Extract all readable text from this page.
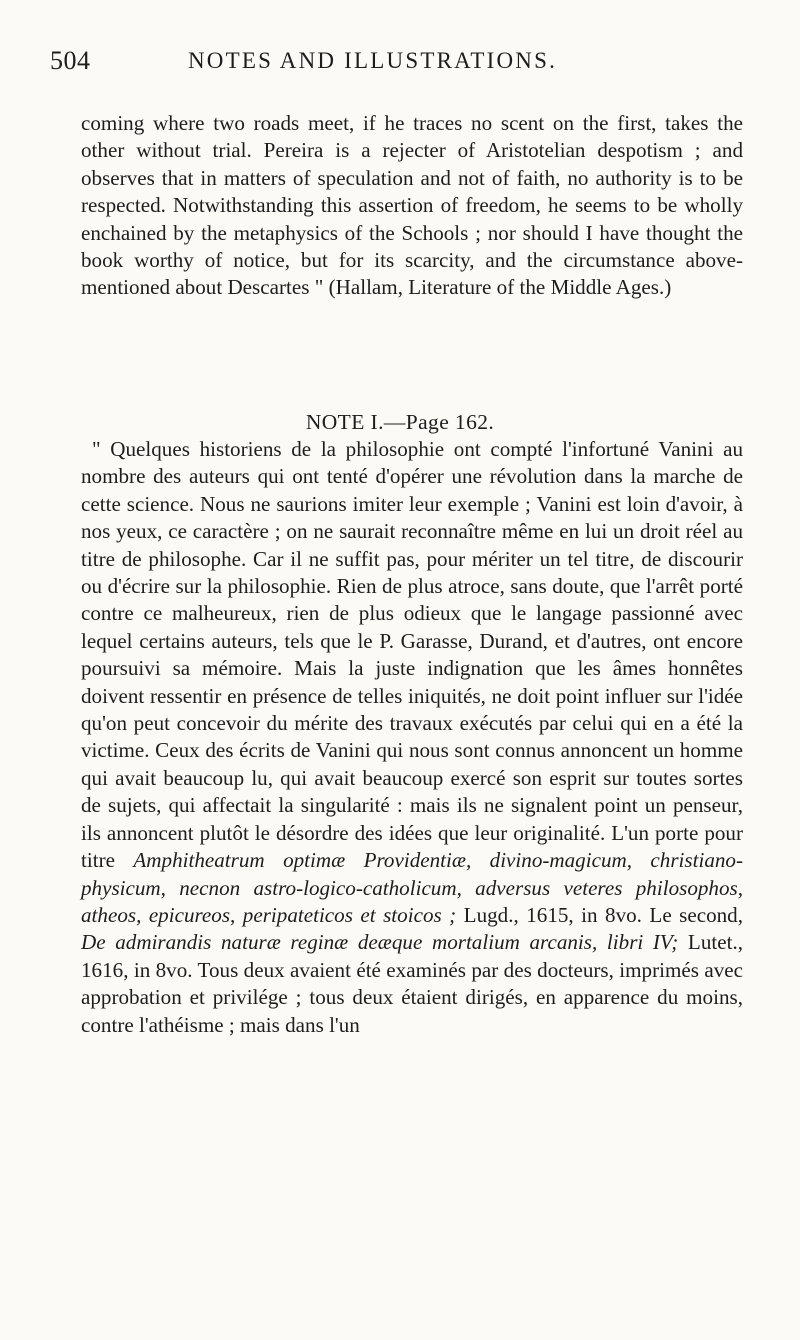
504	NOTES AND ILLUSTRATIONS.

coming where two roads meet, if he traces no scent on the first, takes the other without trial. Pereira is a rejecter of Aristotelian despotism ; and observes that in matters of speculation and not of faith, no authority is to be respected. Notwithstanding this assertion of freedom, he seems to be wholly enchained by the metaphysics of the Schools ; nor should I have thought the book worthy of notice, but for its scarcity, and the circumstance above-mentioned about Descartes " (Hallam, Literature of the Middle Ages.)

NOTE I.—Page 162.

" Quelques historiens de la philosophie ont compté l'infortuné Vanini au nombre des auteurs qui ont tenté d'opérer une révolution dans la marche de cette science. Nous ne saurions imiter leur exemple ; Vanini est loin d'avoir, à nos yeux, ce caractère ; on ne saurait reconnaître même en lui un droit réel au titre de philosophe. Car il ne suffit pas, pour mériter un tel titre, de discourir ou d'écrire sur la philosophie. Rien de plus atroce, sans doute, que l'arrêt porté contre ce malheureux, rien de plus odieux que le langage passionné avec lequel certains auteurs, tels que le P. Garasse, Durand, et d'autres, ont encore poursuivi sa mémoire. Mais la juste indignation que les âmes honnêtes doivent ressentir en présence de telles iniquités, ne doit point influer sur l'idée qu'on peut concevoir du mérite des travaux exécutés par celui qui en a été la victime. Ceux des écrits de Vanini qui nous sont connus annoncent un homme qui avait beaucoup lu, qui avait beaucoup exercé son esprit sur toutes sortes de sujets, qui affectait la singularité : mais ils ne signalent point un penseur, ils annoncent plutôt le désordre des idées que leur originalité. L'un porte pour titre Amphitheatrum optimæ Providentiæ, divino-magicum, christiano-physicum, necnon astro-logico-catholicum, adversus veteres philosophos, atheos, epicureos, peripateticos et stoicos ; Lugd., 1615, in 8vo. Le second, De admirandis naturæ reginæ deæque mortalium arcanis, libri IV; Lutet., 1616, in 8vo. Tous deux avaient été examinés par des docteurs, imprimés avec approbation et privilége ; tous deux étaient dirigés, en apparence du moins, contre l'athéisme ; mais dans l'un
